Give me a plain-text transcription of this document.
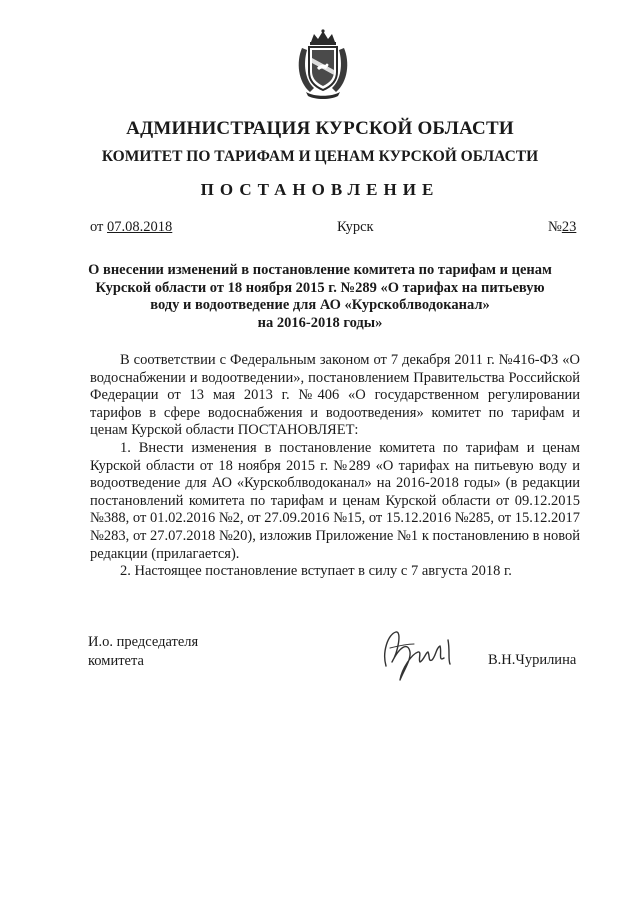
АДМИНИСТРАЦИЯ КУРСКОЙ ОБЛАСТИ
КОМИТЕТ ПО ТАРИФАМ И ЦЕНАМ КУРСКОЙ ОБЛАСТИ
ПОСТАНОВЛЕНИЕ
от 07.08.2018	Курск	№23
О внесении изменений в постановление комитета по тарифам и ценам
Курской области от 18 ноября 2015 г. №289 «О тарифах на питьевую
воду и водоотведение для АО «Курскоблводоканал»
на 2016-2018 годы»

В соответствии с Федеральным законом от 7 декабря 2011 г. №416-ФЗ «О водоснабжении и водоотведении», постановлением Правительства Российской Федерации от 13 мая 2013 г. №406 «О государственном регулировании тарифов в сфере водоснабжения и водоотведения» комитет по тарифам и ценам Курской области ПОСТАНОВЛЯЕТ:

1. Внести изменения в постановление комитета по тарифам и ценам Курской области от 18 ноября 2015 г. №289 «О тарифах на питьевую воду и водоотведение для АО «Курскоблводоканал» на 2016-2018 годы» (в редакции постановлений комитета по тарифам и ценам Курской области от 09.12.2015 №388, от 01.02.2016 №2, от 27.09.2016 №15, от 15.12.2016 №285, от 15.12.2017 №283, от 27.07.2018 №20), изложив Приложение №1 к постановлению в новой редакции (прилагается).

2. Настоящее постановление вступает в силу с 7 августа 2018 г.

И.о. председателя
комитета	В.Н.Чурилина
